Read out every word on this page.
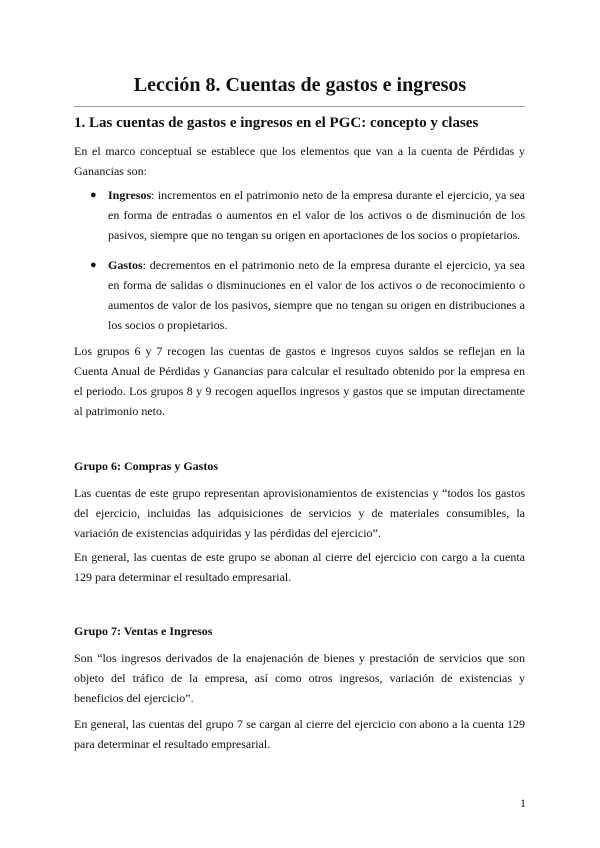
Lección 8. Cuentas de gastos e ingresos
1. Las cuentas de gastos e ingresos en el PGC: concepto y clases

En el marco conceptual se establece que los elementos que van a la cuenta de Pérdidas y Ganancias son:

● Ingresos: incrementos en el patrimonio neto de la empresa durante el ejercicio, ya sea en forma de entradas o aumentos en el valor de los activos o de disminución de los pasivos, siempre que no tengan su origen en aportaciones de los socios o propietarios.

● Gastos: decrementos en el patrimonio neto de la empresa durante el ejercicio, ya sea en forma de salidas o disminuciones en el valor de los activos o de reconocimiento o aumentos de valor de los pasivos, siempre que no tengan su origen en distribuciones a los socios o propietarios.

Los grupos 6 y 7 recogen las cuentas de gastos e ingresos cuyos saldos se reflejan en la Cuenta Anual de Pérdidas y Ganancias para calcular el resultado obtenido por la empresa en el periodo. Los grupos 8 y 9 recogen aquellos ingresos y gastos que se imputan directamente al patrimonio neto.

Grupo 6: Compras y Gastos

Las cuentas de este grupo representan aprovisionamientos de existencias y “todos los gastos del ejercicio, incluidas las adquisiciones de servicios y de materiales consumibles, la variación de existencias adquiridas y las pérdidas del ejercicio”.

En general, las cuentas de este grupo se abonan al cierre del ejercicio con cargo a la cuenta 129 para determinar el resultado empresarial.

Grupo 7: Ventas e Ingresos

Son “los ingresos derivados de la enajenación de bienes y prestación de servicios que son objeto del tráfico de la empresa, así como otros ingresos, variación de existencias y beneficios del ejercicio”.

En general, las cuentas del grupo 7 se cargan al cierre del ejercicio con abono a la cuenta 129 para determinar el resultado empresarial.

1
